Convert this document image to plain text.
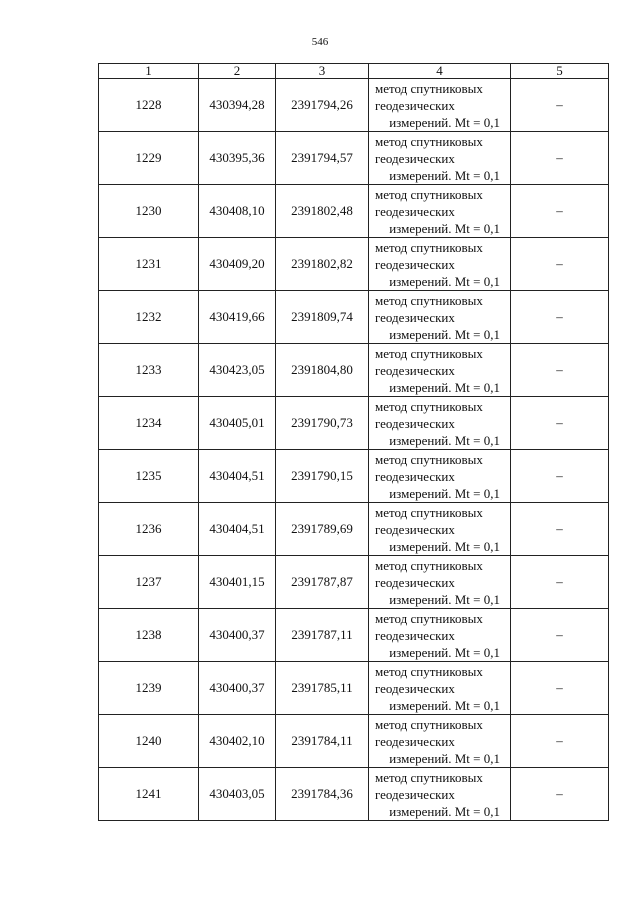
546
1	2	3	4	5
1228	430394,28	2391794,26	метод спутниковых
геодезических
измерений. Mt = 0,1	–
1229	430395,36	2391794,57	метод спутниковых
геодезических
измерений. Mt = 0,1	–
1230	430408,10	2391802,48	метод спутниковых
геодезических
измерений. Mt = 0,1	–
1231	430409,20	2391802,82	метод спутниковых
геодезических
измерений. Mt = 0,1	–
1232	430419,66	2391809,74	метод спутниковых
геодезических
измерений. Mt = 0,1	–
1233	430423,05	2391804,80	метод спутниковых
геодезических
измерений. Mt = 0,1	–
1234	430405,01	2391790,73	метод спутниковых
геодезических
измерений. Mt = 0,1	–
1235	430404,51	2391790,15	метод спутниковых
геодезических
измерений. Mt = 0,1	–
1236	430404,51	2391789,69	метод спутниковых
геодезических
измерений. Mt = 0,1	–
1237	430401,15	2391787,87	метод спутниковых
геодезических
измерений. Mt = 0,1	–
1238	430400,37	2391787,11	метод спутниковых
геодезических
измерений. Mt = 0,1	–
1239	430400,37	2391785,11	метод спутниковых
геодезических
измерений. Mt = 0,1	–
1240	430402,10	2391784,11	метод спутниковых
геодезических
измерений. Mt = 0,1	–
1241	430403,05	2391784,36	метод спутниковых
геодезических
измерений. Mt = 0,1	–
